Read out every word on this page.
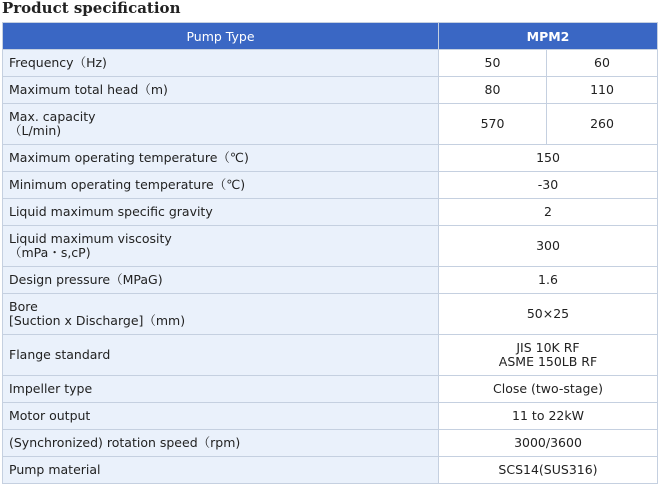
Product specification
Pump Type	MPM2	

Frequency（Hz)	50	60

Maximum total head（m)	80	110

Max. capacity
（L/min)	570	260

Maximum operating temperature（℃)	150	

Minimum operating temperature（℃)	-30	

Liquid maximum specific gravity	2	

Liquid maximum viscosity
（mPa・s,cP)	300	

Design pressure（MPaG)	1.6	

Bore
[Suction x Discharge]（mm)	50×25	

Flange standard	JIS 10K RF
ASME 150LB RF	

Impeller type	Close (two-stage)	

Motor output	11 to 22kW	

(Synchronized) rotation speed（rpm)	3000/3600	

Pump material	SCS14(SUS316)	
